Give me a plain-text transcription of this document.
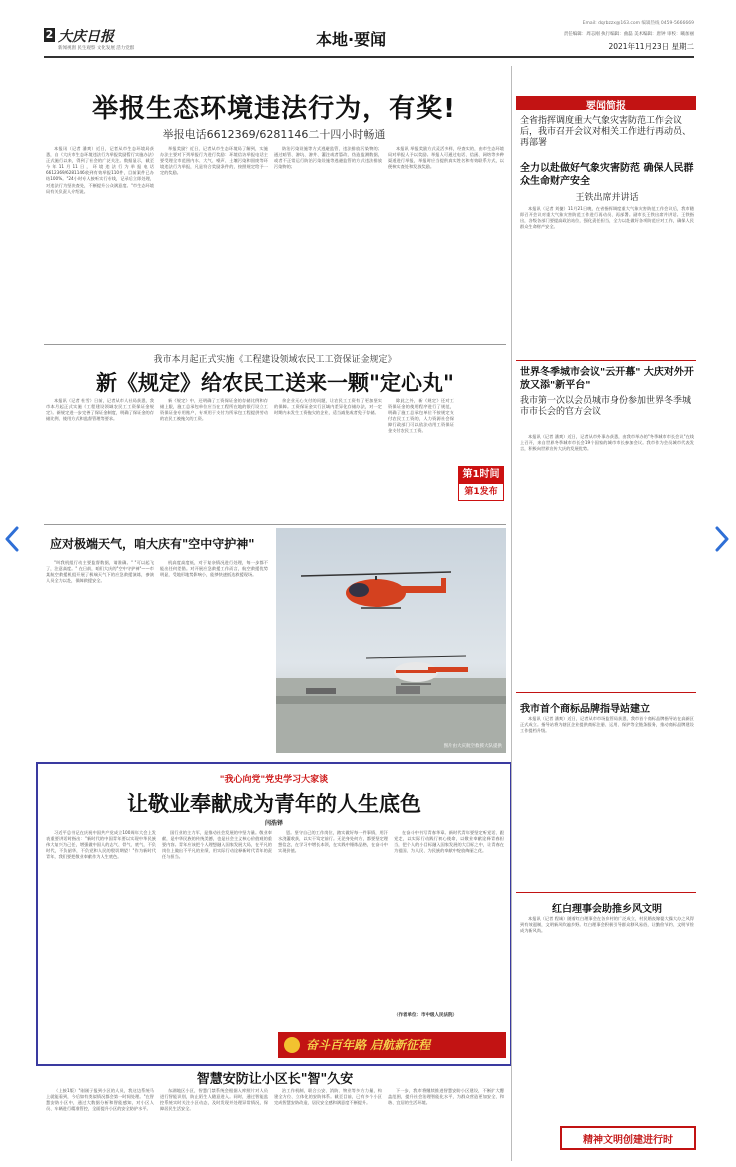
2 大庆日报
新闻视窗 民生观察 文化发展 活力党群	本地·要闻
Email: dqrbzzx@163.com 编辑热线 0459-5666669
责任编辑：周志刚 执行编辑：曲磊 美术编辑：唐钟 审校：曦加丽
2021年11月23日 星期二
举报生态环境违法行为，有奖!
举报电话6612369/6281146二十四小时畅通

本报讯（记者 潘爽）近日，记者从市生态环境局获悉，自《大庆市生态环境违法行为举报奖励暂行实施办法》正式施行以来，得到了社会的广泛关注。数据显示，截至今年11月11日，环境违法行为举报电话6612369/6281146收到有效举报110件，目前案件已办结100%。"24小时专人接听实行专线，记录后立即处理，对违法行为坚决查处，不断提升公众满意度。"市生态环境局有关负责人介绍说。

举报奖励？近日，记者从市生态环境局了解到，实施办法主要对下列举报行为进行奖励：环境信访举报电话主要受理全市范围内水、大气、噪声、土壤污染和固废等环境违法行为举报，凡是符合奖励条件的，按照规定给予一定的奖励。

防治污染设施等方式逃避监管，违法排放污染物的；通过暗管、渗坑、渗井、灌注或者篡改、伪造监测数据，或者不正常运行防治污染设施等逃避监管的方式违法排放污染物的；

本报讯 举报奖励方式灵活多样，经查实的，由市生态环境局对举报人予以奖励。举报人可通过电话、信函、网络等多种渠道进行举报，举报时应当提供真实姓名和有效联系方式，以便核实查处和发放奖励。

我市本月起正式实施《工程建设领域农民工工资保证金规定》
新《规定》给农民工送来一颗"定心丸"

本报讯（记者 杜雪）日前，记者从市人社局获悉，我市本月起正式实施《工程建设领域农民工工资保证金规定》。新规定进一步完善了保证金制度，明确了保证金的存储比例、使用方式和监督管理等要求。

新《规定》中，还明确了工资保证金的存储比例和存储上限，施工总承包单位应当在工程所在地的银行设立工资保证金专用账户，专项用于支付为所承包工程提供劳动的农民工被拖欠的工资。

余企业无心支付的问题，让农民工工资有了更加坚实的保障。工资保证金实行区域内差异化存储办法，对一定时期内未发生工资拖欠的企业，适当减免或者免于存储。

除此之外，新《规定》还对工资保证金的使用程序进行了规范，明确了施工总承包单位不按规定支付农民工工资的，人力资源社会保障行政部门可以依法动用工资保证金支付农民工工资。

第1时间
第1发布
应对极端天气，咱大庆有"空中守护神"

"叫我机组行动主要监督数据，请准确。" "可以起飞了，注意高度。" 在日前，咱们大庆的"空中守护神"——市某航空救援机组开展了极端天气下的应急救援演练，参演人员全力以赴，保障救援安全。

机高度高度低，对于复杂情况进行处理，每一步都不能出任何差错。对开展应急救援工作而言，航空救援优势明显，受地形地势影响小，能够快速抵达救援现场。

图片由大庆航空救援大队提供
"我心向党"党史学习大家谈
让敬业奉献成为青年的人生底色
闫浩铎

习近平总书记在庆祝中国共产党成立100周年大会上发表重要讲话时指出："新时代的中国青年要以实现中华民族伟大复兴为己任，增强做中国人的志气、骨气、底气，不负时代，不负韶华，不负党和人民的殷切期望！"作为新时代青年，我们要把敬业奉献作为人生底色。

国行业的主力军，是推动社会发展的中坚力量。敬业奉献，是中华民族的传统美德，也是社会主义核心价值观的重要内容。青年应该把个人理想融入国家发展大局，在平凡的岗位上做出不平凡的业绩，用实际行动诠释新时代青年的责任与担当。

恩。坚守自己的工作岗位，踏实做好每一件事情，用汗水浇灌收获，以实干笃定前行。无论身处何方，都要坚定理想信念，在学习中增长本领，在实践中锤炼品格，在奋斗中实现价值。

在奋斗中书写青春华章。新时代青年要坚定听党话、跟党走，以实际行动践行初心使命，以敬业奉献诠释青春担当，把个人的小目标融入国家发展的大目标之中，让青春在为祖国、为人民、为民族的奉献中绽放绚丽之花。

（作者单位：市中级人民法院）
奋斗百年路 启航新征程
智慧安防让小区长"智"久安

（上接1版）"刚刚子报到小区的人员，我这边系统马上就能看到，今后如有类似情况都会第一时间处理。"在智慧安防小区中，通过大数据分析和智能感知，对小区人员、车辆进行精准管控，全面提升小区的安全防护水平。

东湖地区小区，智慧门禁系统会根据入库照片对人员进行智能识别，防止陌生人随意进入。同时，通过智能监控系统实时关注小区动态，及时发现并处理异常情况，保障居民生活安全。

治工作机制，联合公安、消防、物业等多方力量，构建全方位、立体化的安防体系。截至目前，已有多个小区完成智慧安防改造，居民安全感和满意度不断提升。

下一步，我市将继续推进智慧安防小区建设，不断扩大覆盖范围，提升社会治理智能化水平，为群众营造更加安全、和谐、宜居的生活环境。

要闻简报
全省指挥调度重大气象灾害防范工作会议后，我市召开会议对相关工作进行再动员、再部署
全力以赴做好气象灾害防范 确保人民群众生命财产安全
王铁出席并讲话

本报讯（记者 刘捷）11月21日晚，在省指挥调度重大气象灾害防范工作会议后，我市随即召开会议对重大气象灾害防范工作进行再动员、再部署。副市长王铁出席并讲话。王铁指出，各级各部门要提高政治站位，强化责任担当，全力以赴做好各项防范应对工作，确保人民群众生命财产安全。

世界冬季城市会议"云开幕" 大庆对外开放又添"新平台"
我市第一次以会员城市身份参加世界冬季城市市长会的官方会议

本报讯（记者 潘爽）近日，记者从市外事办获悉，由我市举办的"冬季城市市长会议"在线上召开，来自世界冬季城市市长会19个国家的城市市长参加会议。我市作为会员城市代表发言，积极向世界宣传大庆的发展优势。

我市首个商标品牌指导站建立

本报讯（记者 潘爽）近日，记者从市市场监管局获悉，我市首个商标品牌指导站在高新区正式成立。指导站将为辖区企业提供商标注册、运用、保护等全链条服务，推动商标品牌建设工作提档升级。

红白理事会助推乡风文明

本报讯（记者 程诚）随着红白理事会在各乡村的广泛成立，村民婚丧嫁娶大操大办之风得到有效遏制，文明新风吹遍乡野。红白理事会积极引导群众移风易俗，让勤俭节约、文明节俭成为新风尚。

精神文明创建进行时
